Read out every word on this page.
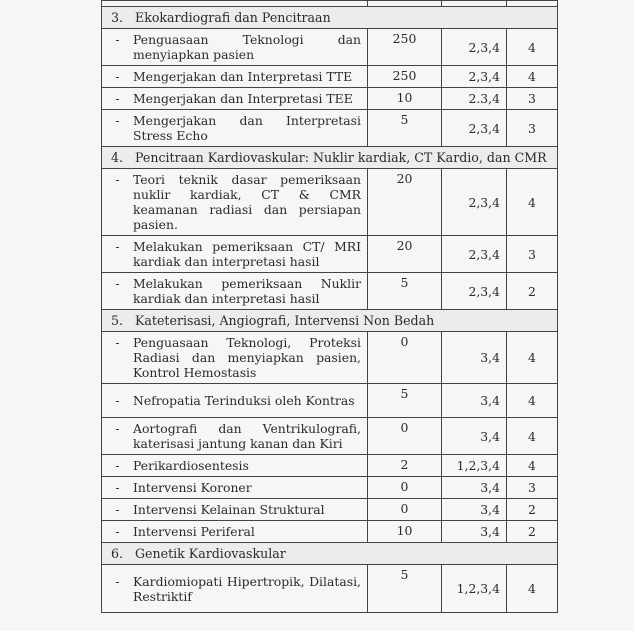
3. Ekokardiografi dan Pencitraan			

- Penguasaan Teknologi dan menyiapkan pasien	250	2,3,4	4

- Mengerjakan dan Interpretasi TTE	250	2,3,4	4

- Mengerjakan dan Interpretasi TEE	10	2.3,4	3

- Mengerjakan dan Interpretasi Stress Echo	5	2,3,4	3
4. Pencitraan Kardiovaskular: Nuklir kardiak, CT Kardio, dan CMR			

- Teori teknik dasar pemeriksaan nuklir kardiak, CT & CMR keamanan radiasi dan persiapan pasien.	20	2,3,4	4

- Melakukan pemeriksaan CT/ MRI kardiak dan interpretasi hasil	20	2,3,4	3

- Melakukan pemeriksaan Nuklir kardiak dan interpretasi hasil	5	2,3,4	2
5. Kateterisasi, Angiografi, Intervensi Non Bedah			

- Penguasaan Teknologi, Proteksi Radiasi dan menyiapkan pasien, Kontrol Hemostasis	0	3,4	4

- Nefropatia Terinduksi oleh Kontras	5	3,4	4

- Aortografi dan Ventrikulografi, katerisasi jantung kanan dan Kiri	0	3,4	4

- Perikardiosentesis	2	1,2,3,4	4

- Intervensi Koroner	0	3,4	3

- Intervensi Kelainan Struktural	0	3,4	2

- Intervensi Periferal	10	3,4	2
6. Genetik Kardiovaskular			

- Kardiomiopati Hipertropik, Dilatasi, Restriktif	5	1,2,3,4	4
